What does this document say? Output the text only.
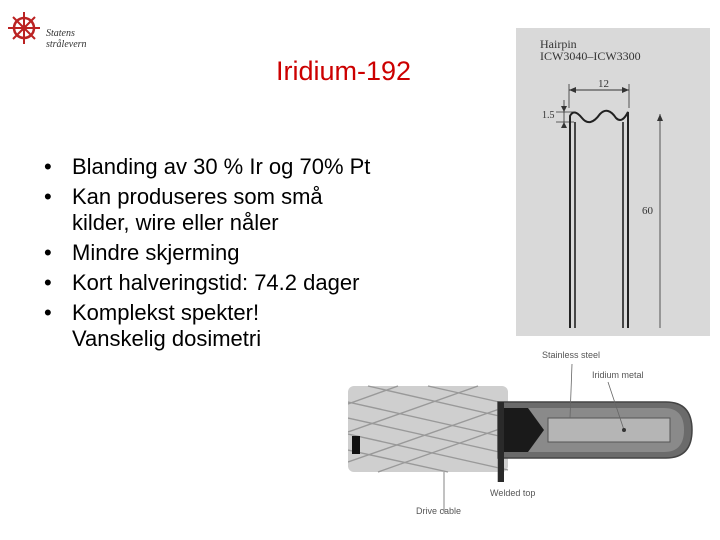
Statens
strålevern
Iridium-192
• Blanding av 30 % Ir og 70% Pt
• Kan produseres som små
kilder, wire eller nåler
• Mindre skjerming
• Kort halveringstid: 74.2 dager
• Komplekst spekter!
Vanskelig dosimetri
Hairpin
ICW3040–ICW3300
12
1.5
60
Stainless steel
Iridium metal
Welded top
Drive cable
